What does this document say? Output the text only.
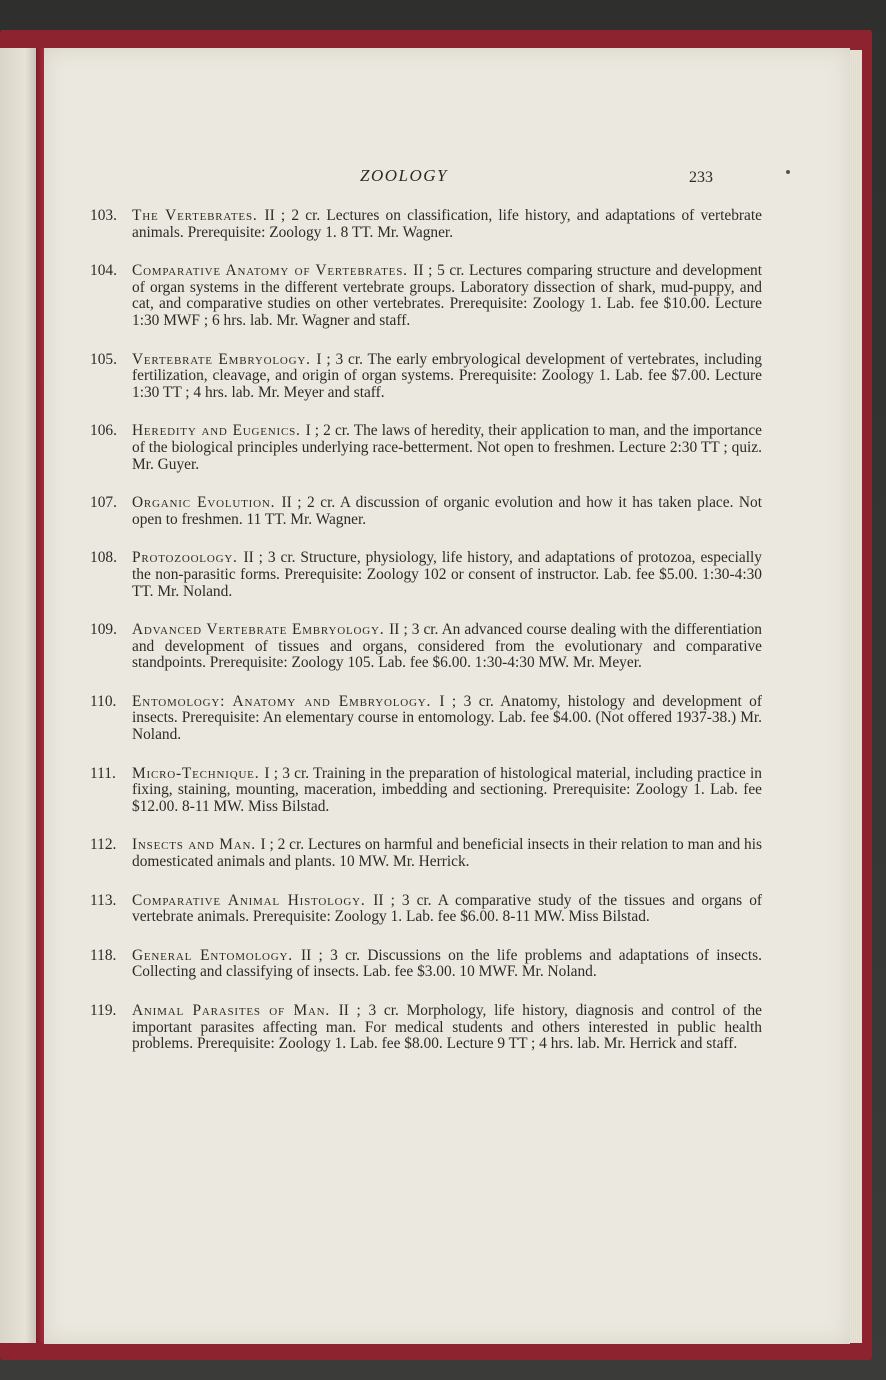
ZOOLOGY	233
103. The Vertebrates. II ; 2 cr. Lectures on classification, life history, and adaptations of vertebrate animals. Prerequisite: Zoology 1. 8 TT. Mr. Wagner.
104. Comparative Anatomy of Vertebrates. II ; 5 cr. Lectures comparing structure and development of organ systems in the different vertebrate groups. Laboratory dissection of shark, mud-puppy, and cat, and comparative studies on other vertebrates. Prerequisite: Zoology 1. Lab. fee $10.00. Lecture 1:30 MWF ; 6 hrs. lab. Mr. Wagner and staff.
105. Vertebrate Embryology. I ; 3 cr. The early embryological development of vertebrates, including fertilization, cleavage, and origin of organ systems. Prerequisite: Zoology 1. Lab. fee $7.00. Lecture 1:30 TT ; 4 hrs. lab. Mr. Meyer and staff.
106. Heredity and Eugenics. I ; 2 cr. The laws of heredity, their application to man, and the importance of the biological principles underlying race-betterment. Not open to freshmen. Lecture 2:30 TT ; quiz. Mr. Guyer.
107. Organic Evolution. II ; 2 cr. A discussion of organic evolution and how it has taken place. Not open to freshmen. 11 TT. Mr. Wagner.
108. Protozoology. II ; 3 cr. Structure, physiology, life history, and adaptations of protozoa, especially the non-parasitic forms. Prerequisite: Zoology 102 or consent of instructor. Lab. fee $5.00. 1:30-4:30 TT. Mr. Noland.
109. Advanced Vertebrate Embryology. II ; 3 cr. An advanced course dealing with the differentiation and development of tissues and organs, considered from the evolutionary and comparative standpoints. Prerequisite: Zoology 105. Lab. fee $6.00. 1:30-4:30 MW. Mr. Meyer.
110. Entomology: Anatomy and Embryology. I ; 3 cr. Anatomy, histology and development of insects. Prerequisite: An elementary course in entomology. Lab. fee $4.00. (Not offered 1937-38.) Mr. Noland.
111. Micro-Technique. I ; 3 cr. Training in the preparation of histological material, including practice in fixing, staining, mounting, maceration, imbedding and sectioning. Prerequisite: Zoology 1. Lab. fee $12.00. 8-11 MW. Miss Bilstad.
112. Insects and Man. I ; 2 cr. Lectures on harmful and beneficial insects in their relation to man and his domesticated animals and plants. 10 MW. Mr. Herrick.
113. Comparative Animal Histology. II ; 3 cr. A comparative study of the tissues and organs of vertebrate animals. Prerequisite: Zoology 1. Lab. fee $6.00. 8-11 MW. Miss Bilstad.
118. General Entomology. II ; 3 cr. Discussions on the life problems and adaptations of insects. Collecting and classifying of insects. Lab. fee $3.00. 10 MWF. Mr. Noland.
119. Animal Parasites of Man. II ; 3 cr. Morphology, life history, diagnosis and control of the important parasites affecting man. For medical students and others interested in public health problems. Prerequisite: Zoology 1. Lab. fee $8.00. Lecture 9 TT ; 4 hrs. lab. Mr. Herrick and staff.
